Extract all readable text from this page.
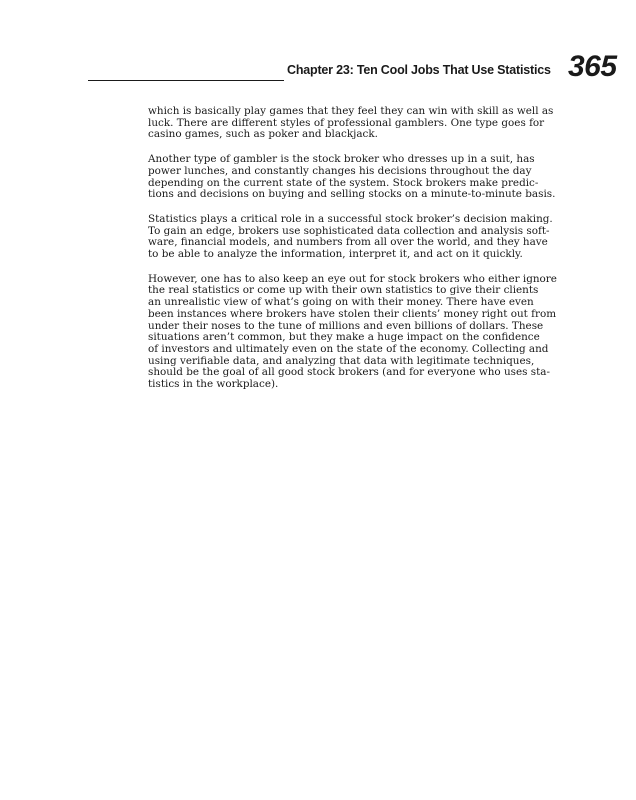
Chapter 23: Ten Cool Jobs That Use Statistics 365

which is basically play games that they feel they can win with skill as well as
luck. There are different styles of professional gamblers. One type goes for
casino games, such as poker and blackjack.

Another type of gambler is the stock broker who dresses up in a suit, has
power lunches, and constantly changes his decisions throughout the day
depending on the current state of the system. Stock brokers make predic-
tions and decisions on buying and selling stocks on a minute-to-minute basis.

Statistics plays a critical role in a successful stock broker’s decision making.
To gain an edge, brokers use sophisticated data collection and analysis soft-
ware, financial models, and numbers from all over the world, and they have
to be able to analyze the information, interpret it, and act on it quickly.

However, one has to also keep an eye out for stock brokers who either ignore
the real statistics or come up with their own statistics to give their clients
an unrealistic view of what’s going on with their money. There have even
been instances where brokers have stolen their clients’ money right out from
under their noses to the tune of millions and even billions of dollars. These
situations aren’t common, but they make a huge impact on the confidence
of investors and ultimately even on the state of the economy. Collecting and
using verifiable data, and analyzing that data with legitimate techniques,
should be the goal of all good stock brokers (and for everyone who uses sta-
tistics in the workplace).
